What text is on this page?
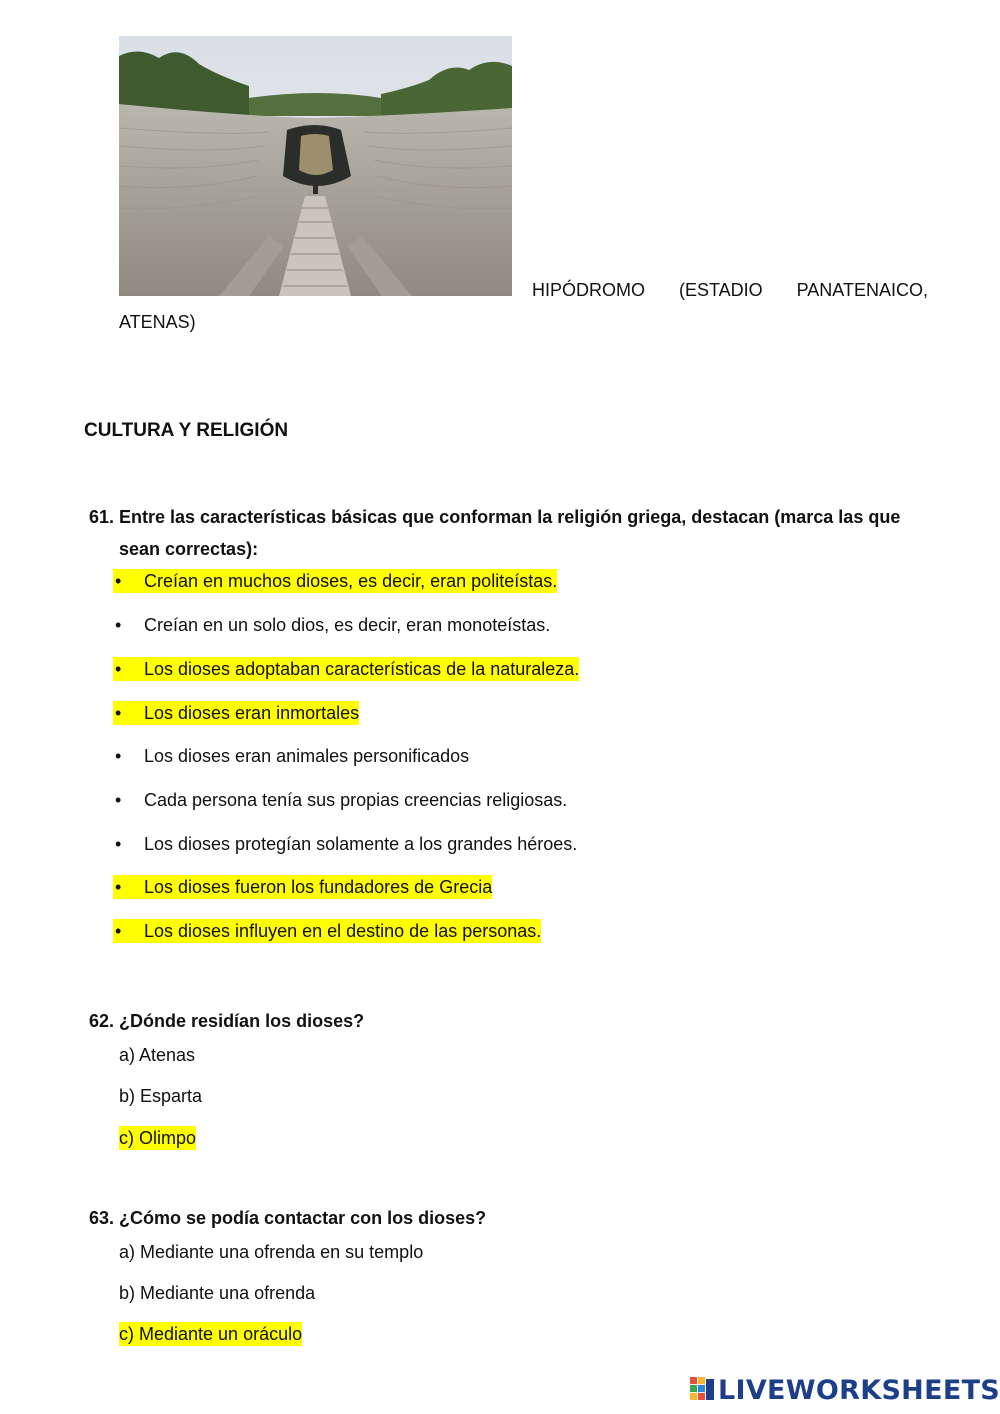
HIPÓDROMO (ESTADIO PANATENAICO,
ATENAS)
CULTURA Y RELIGIÓN
61. Entre las características básicas que conforman la religión griega, destacan (marca las que sean correctas):
•	Creían en muchos dioses, es decir, eran politeístas.
•	Creían en un solo dios, es decir, eran monoteístas.
•	Los dioses adoptaban características de la naturaleza.
•	Los dioses eran inmortales
•	Los dioses eran animales personificados
•	Cada persona tenía sus propias creencias religiosas.
•	Los dioses protegían solamente a los grandes héroes.
•	Los dioses fueron los fundadores de Grecia
•	Los dioses influyen en el destino de las personas.
62. ¿Dónde residían los dioses?
a) Atenas
b) Esparta
c) Olimpo
63. ¿Cómo se podía contactar con los dioses?
a) Mediante una ofrenda en su templo
b) Mediante una ofrenda
c) Mediante un oráculo
LIVEWORKSHEETS
